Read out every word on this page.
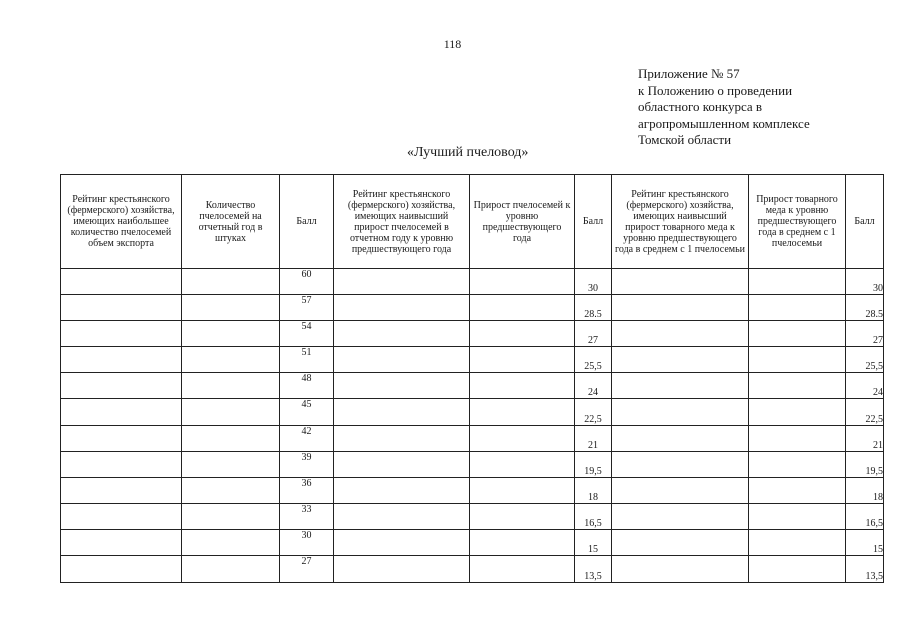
118
Приложение № 57
к Положению о проведении
областного конкурса в
агропромышленном комплексе
Томской области
«Лучший пчеловод»
Рейтинг крестьянского (фермерского) хозяйства, имеющих наибольшее количество пчелосемей объем экспорта	Количество пчелосемей на отчетный год в штуках	Балл	Рейтинг крестьянского (фермерского) хозяйства, имеющих наивысший прирост пчелосемей в отчетном году к уровню предшествующего года	Прирост пчелосемей к уровню предшествующего года	Балл	Рейтинг крестьянского (фермерского) хозяйства, имеющих наивысший прирост товарного меда к уровню предшествующего года в среднем с 1 пчелосемьи	Прирост товарного меда к уровню предшествующего года в среднем с 1 пчелосемьи	Балл
		60			30			30
		57			28.5			28.5
		54			27			27
		51			25,5			25,5
		48			24			24
		45			22,5			22,5
		42			21			21
		39			19,5			19,5
		36			18			18
		33			16,5			16,5
		30			15			15
		27			13,5			13,5
